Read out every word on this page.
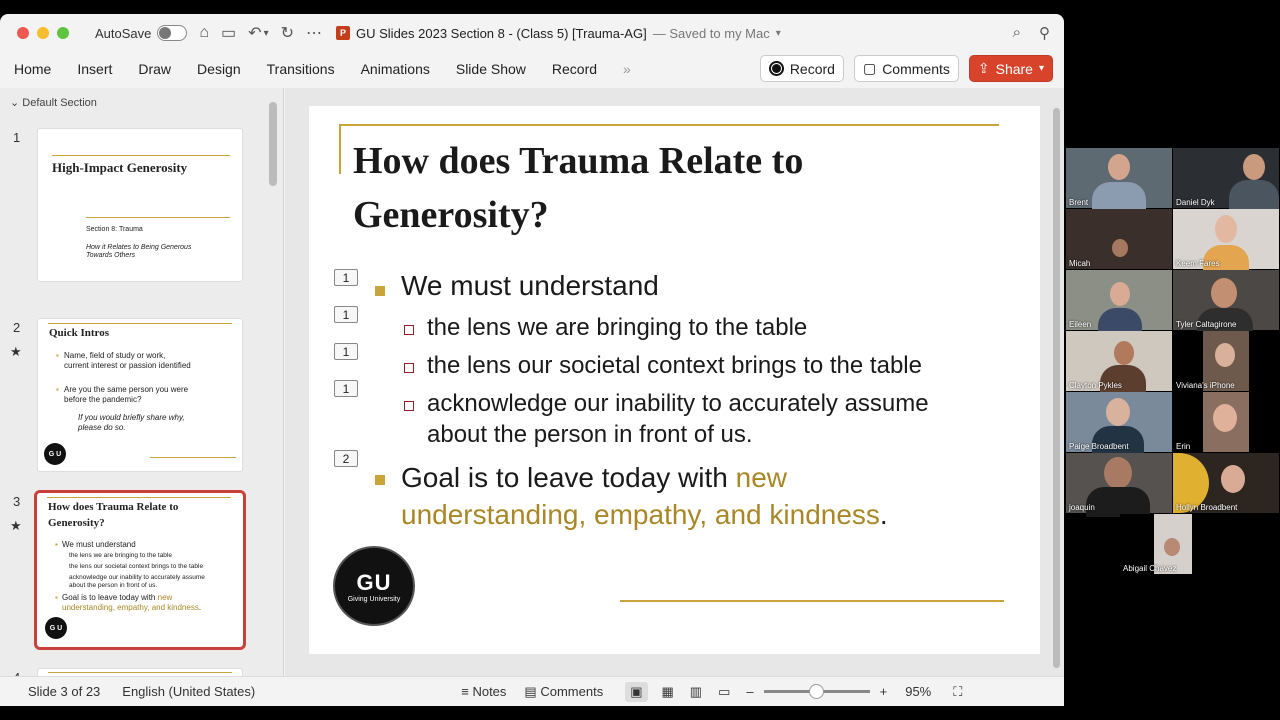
AutoSave	⌂ ▭ ↶ ▾ ↻ ⋯	P GU Slides 2023 Section 8 - (Class 5) [Trauma-AG] — Saved to my Mac ▾	⌕ ⚲
Home	Insert	Draw	Design	Transitions	Animations	Slide Show	Record	»	Record ▢ Comments ⇪ Share ▾
⌄ Default Section
1
High-Impact Generosity
Section 8: Trauma
How it Relates to Being Generous
Towards Others
2
★
Quick Intros
▪ Name, field of study or work,
current interest or passion identified
▪ Are you the same person you were
before the pandemic?
If you would briefly share why,
please do so.
G U
3
★
How does Trauma Relate to
Generosity?
▪ We must understand
the lens we are bringing to the table
the lens our societal context brings to the table
acknowledge our inability to accurately assume
about the person in front of us.
▪ Goal is to leave today with new
understanding, empathy, and kindness.
G U
How does Trauma Relate to
Generosity?
1
1
1
1
2
We must understand
the lens we are bringing to the table
the lens our societal context brings to the table
acknowledge our inability to accurately assume
about the person in front of us.
Goal is to leave today with new
understanding, empathy, and kindness.
GU
Giving University
Slide 3 of 23 English (United States)	≡ Notes ▤ Comments	▣	▦ ▥ ▭ –	+ 95% ⛶
Brent	Daniel Dyk
Micah	Keem Fares
Eileen	Tyler Caltagirone
Clayton Pykles	Viviana's iPhone
Paige Broadbent	Erin
joaquin	Hollyn Broadbent
Abigail Chavez
